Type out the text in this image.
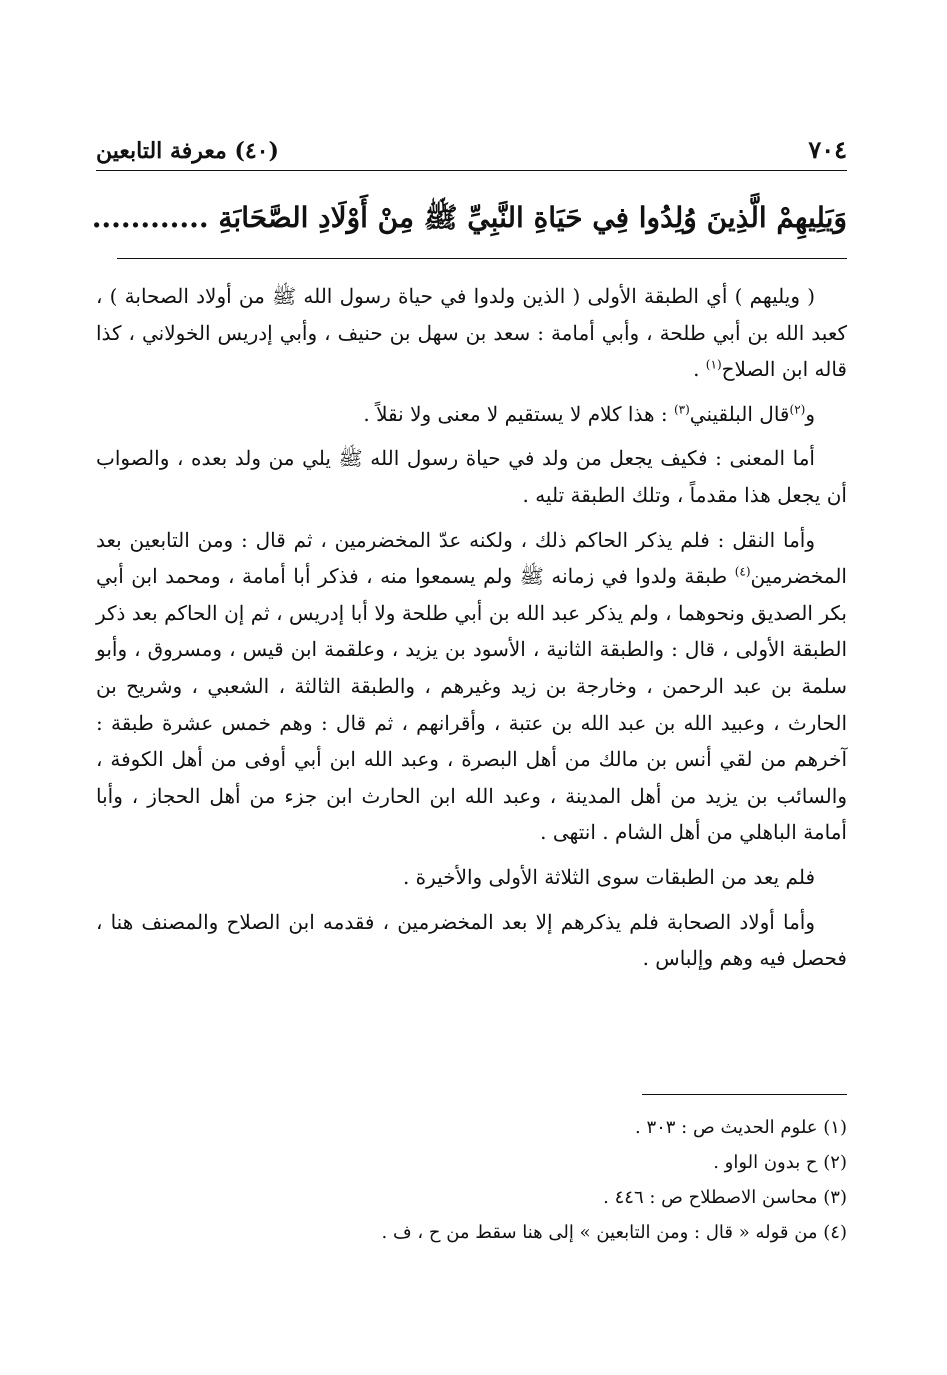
٧٠٤
(٤٠) معرفة التابعين
وَيَلِيهِمْ الَّذِينَ وُلِدُوا فِي حَيَاةِ النَّبِيِّ ﷺ مِنْ أَوْلَادِ الصَّحَابَةِ ............

( ويليهم ) أي الطبقة الأولى ( الذين ولدوا في حياة رسول الله ﷺ من أولاد الصحابة ) ، كعبد الله بن أبي طلحة ، وأبي أمامة : سعد بن سهل بن حنيف ، وأبي إدريس الخولاني ، كذا قاله ابن الصلاح$^{(١)}$ .

و$^{(٢)}$قال البلقيني$^{(٣)}$ : هذا كلام لا يستقيم لا معنى ولا نقلاً .

أما المعنى : فكيف يجعل من ولد في حياة رسول الله ﷺ يلي من ولد بعده ، والصواب أن يجعل هذا مقدماً ، وتلك الطبقة تليه .

وأما النقل : فلم يذكر الحاكم ذلك ، ولكنه عدّ المخضرمين ، ثم قال : ومن التابعين بعد المخضرمين$^{(٤)}$ طبقة ولدوا في زمانه ﷺ ولم يسمعوا منه ، فذكر أبا أمامة ، ومحمد ابن أبي بكر الصديق ونحوهما ، ولم يذكر عبد الله بن أبي طلحة ولا أبا إدريس ، ثم إن الحاكم بعد ذكر الطبقة الأولى ، قال : والطبقة الثانية ، الأسود بن يزيد ، وعلقمة ابن قيس ، ومسروق ، وأبو سلمة بن عبد الرحمن ، وخارجة بن زيد وغيرهم ، والطبقة الثالثة ، الشعبي ، وشريح بن الحارث ، وعبيد الله بن عبد الله بن عتبة ، وأقرانهم ، ثم قال : وهم خمس عشرة طبقة : آخرهم من لقي أنس بن مالك من أهل البصرة ، وعبد الله ابن أبي أوفى من أهل الكوفة ، والسائب بن يزيد من أهل المدينة ، وعبد الله ابن الحارث ابن جزء من أهل الحجاز ، وأبا أمامة الباهلي من أهل الشام . انتهى .

فلم يعد من الطبقات سوى الثلاثة الأولى والأخيرة .

وأما أولاد الصحابة فلم يذكرهم إلا بعد المخضرمين ، فقدمه ابن الصلاح والمصنف هنا ، فحصل فيه وهم وإلباس .

(١) علوم الحديث ص : ٣٠٣ .
(٢) ح بدون الواو .
(٣) محاسن الاصطلاح ص : ٤٤٦ .
(٤) من قوله « قال : ومن التابعين » إلى هنا سقط من ح ، ف .
